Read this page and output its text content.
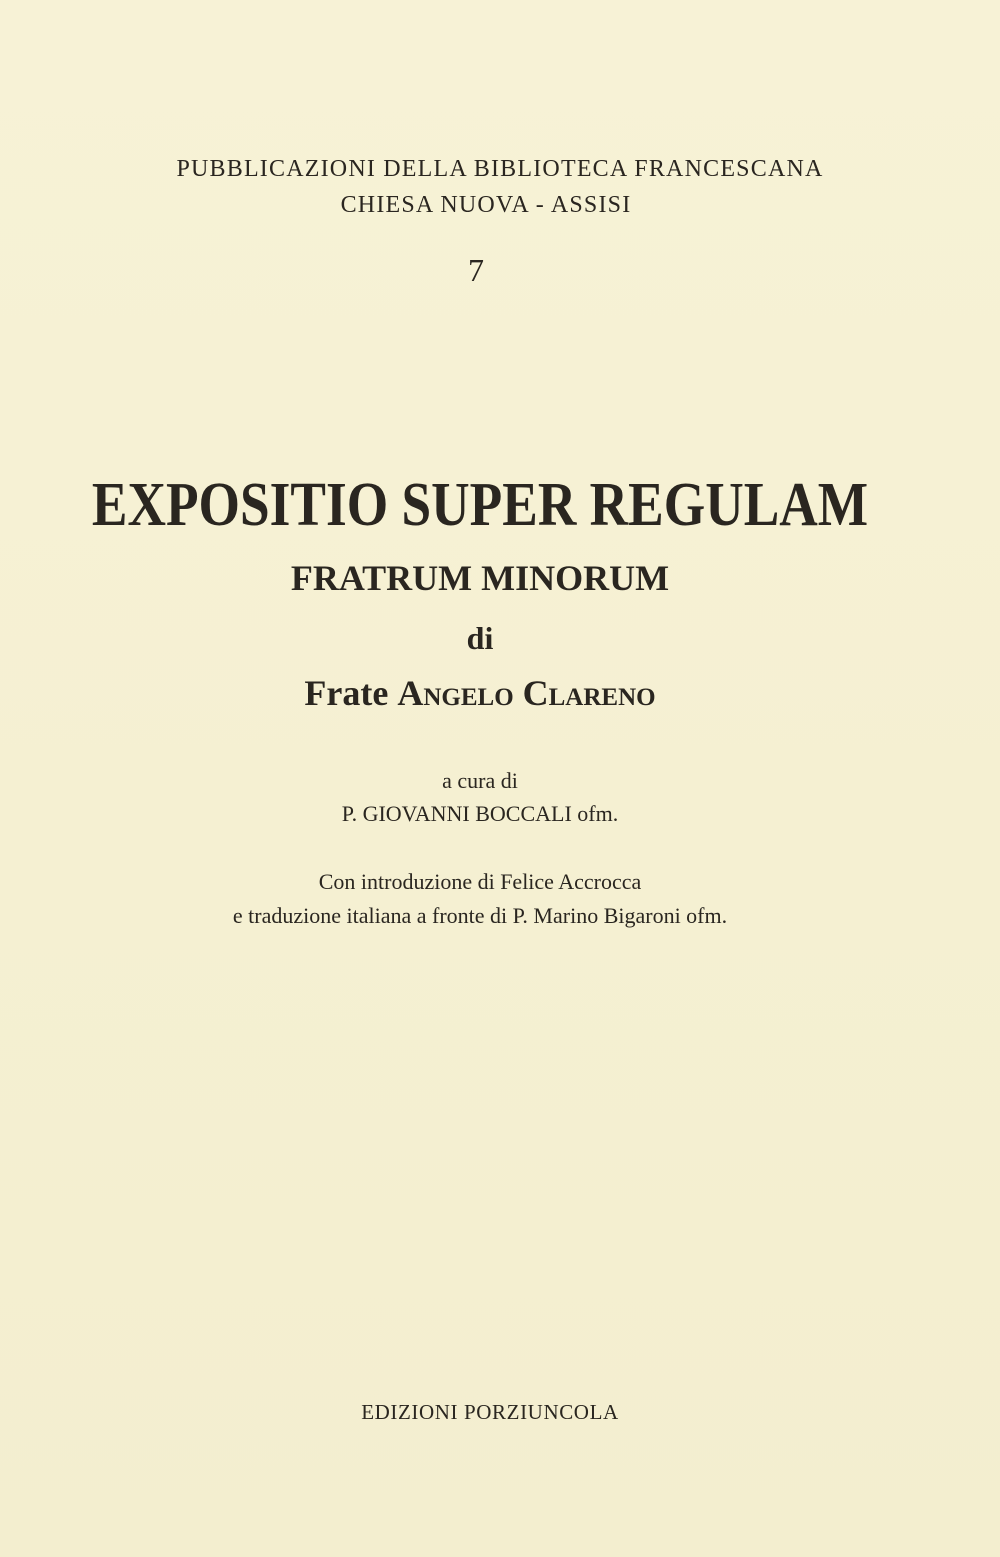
PUBBLICAZIONI DELLA BIBLIOTECA FRANCESCANA
CHIESA NUOVA - ASSISI
7
EXPOSITIO SUPER REGULAM
FRATRUM MINORUM
di
Frate Angelo Clareno
a cura di
P. GIOVANNI BOCCALI ofm.
Con introduzione di Felice Accrocca
e traduzione italiana a fronte di P. Marino Bigaroni ofm.
EDIZIONI PORZIUNCOLA
